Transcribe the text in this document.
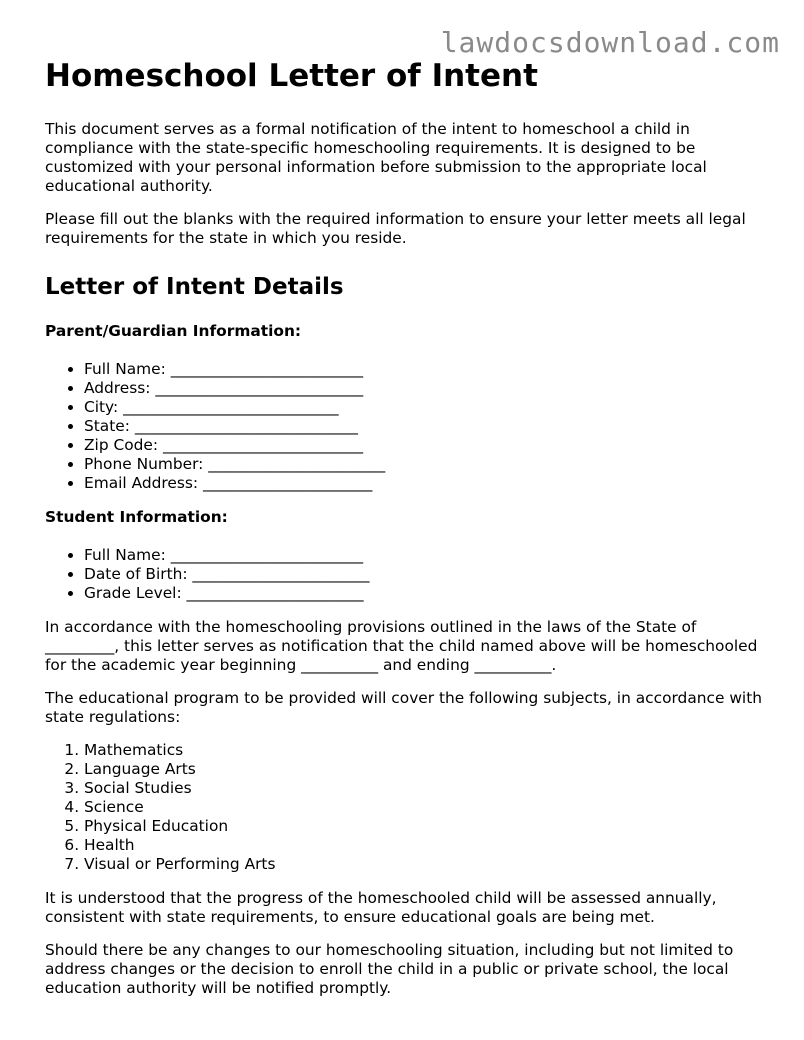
lawdocsdownload.com
Homeschool Letter of Intent

This document serves as a formal notification of the intent to homeschool a child in compliance with the state-specific homeschooling requirements. It is designed to be customized with your personal information before submission to the appropriate local educational authority.

Please fill out the blanks with the required information to ensure your letter meets all legal requirements for the state in which you reside.

Letter of Intent Details

Parent/Guardian Information:

• Full Name: _________________________
• Address: ___________________________
• City: ____________________________
• State: _____________________________
• Zip Code: __________________________
• Phone Number: _______________________
• Email Address: ______________________

Student Information:

• Full Name: _________________________
• Date of Birth: _______________________
• Grade Level: _______________________

In accordance with the homeschooling provisions outlined in the laws of the State of _________, this letter serves as notification that the child named above will be homeschooled for the academic year beginning __________ and ending __________.

The educational program to be provided will cover the following subjects, in accordance with state regulations:

1. Mathematics
2. Language Arts
3. Social Studies
4. Science
5. Physical Education
6. Health
7. Visual or Performing Arts

It is understood that the progress of the homeschooled child will be assessed annually, consistent with state requirements, to ensure educational goals are being met.

Should there be any changes to our homeschooling situation, including but not limited to address changes or the decision to enroll the child in a public or private school, the local education authority will be notified promptly.
